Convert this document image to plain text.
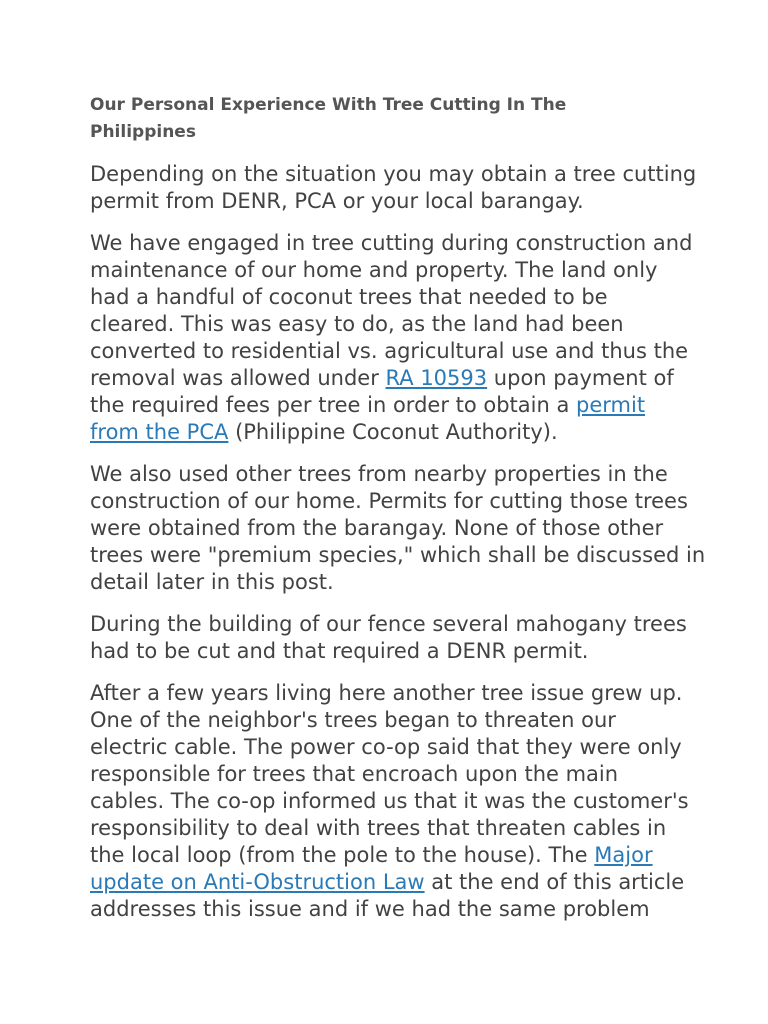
Our Personal Experience With Tree Cutting In The
Philippines

Depending on the situation you may obtain a tree cutting
permit from DENR, PCA or your local barangay.

We have engaged in tree cutting during construction and
maintenance of our home and property. The land only
had a handful of coconut trees that needed to be
cleared. This was easy to do, as the land had been
converted to residential vs. agricultural use and thus the
removal was allowed under RA 10593 upon payment of
the required fees per tree in order to obtain a permit
from the PCA (Philippine Coconut Authority).

We also used other trees from nearby properties in the
construction of our home. Permits for cutting those trees
were obtained from the barangay. None of those other
trees were "premium species," which shall be discussed in
detail later in this post.

During the building of our fence several mahogany trees
had to be cut and that required a DENR permit.

After a few years living here another tree issue grew up.
One of the neighbor's trees began to threaten our
electric cable. The power co-op said that they were only
responsible for trees that encroach upon the main
cables. The co-op informed us that it was the customer's
responsibility to deal with trees that threaten cables in
the local loop (from the pole to the house). The Major
update on Anti-Obstruction Law at the end of this article
addresses this issue and if we had the same problem
